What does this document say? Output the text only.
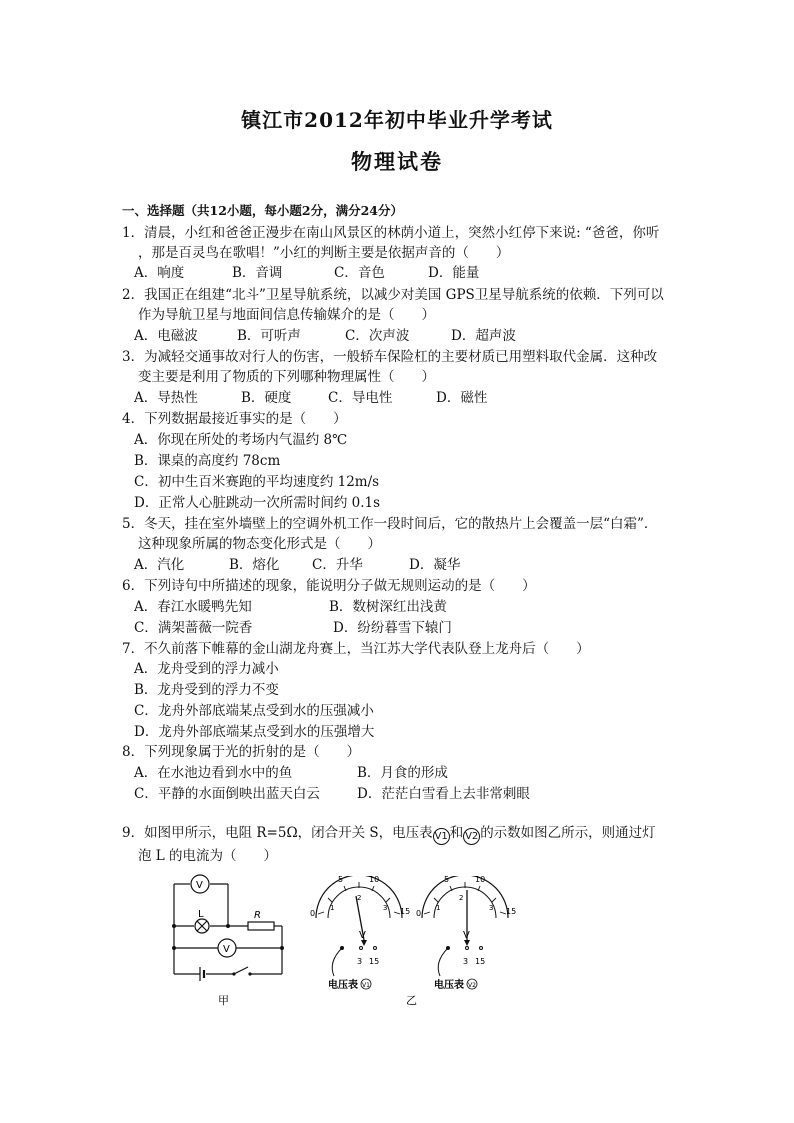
镇江市2012年初中毕业升学考试
物理试卷
一、选择题（共12小题，每小题2分，满分24分）
1．清晨，小红和爸爸正漫步在南山风景区的林荫小道上，突然小红停下来说: “爸爸，你听
，那是百灵鸟在歌唱！”小红的判断主要是依据声音的（　　）
A．响度	B．音调	C．音色	D．能量
2．我国正在组建“北斗”卫星导航系统，以减少对美国 GPS卫星导航系统的依赖．下列可以
作为导航卫星与地面间信息传输媒介的是（　　）
A．电磁波	B．可听声	C．次声波	D．超声波
3．为减轻交通事故对行人的伤害，一般轿车保险杠的主要材质已用塑料取代金属．这种改
变主要是利用了物质的下列哪种物理属性（　　）
A．导热性	B．硬度	C．导电性	D．磁性
4．下列数据最接近事实的是（　　）
A．你现在所处的考场内气温约 8℃
B．课桌的高度约 78cm
C．初中生百米赛跑的平均速度约 12m/s
D．正常人心脏跳动一次所需时间约 0.1s
5．冬天，挂在室外墙壁上的空调外机工作一段时间后，它的散热片上会覆盖一层“白霜”．
这种现象所属的物态变化形式是（　　）
A．汽化	B．熔化 C．升华	D．凝华
6．下列诗句中所描述的现象，能说明分子做无规则运动的是（　　）
A．春江水暖鸭先知	B．数树深红出浅黄
C．满架蔷薇一院香	D．纷纷暮雪下辕门
7．不久前落下帷幕的金山湖龙舟赛上，当江苏大学代表队登上龙舟后（　　）
A．龙舟受到的浮力减小
B．龙舟受到的浮力不变
C．龙舟外部底端某点受到水的压强减小
D．龙舟外部底端某点受到水的压强增大
8．下列现象属于光的折射的是（　　）
A．在水池边看到水中的鱼	B．月食的形成
C．平静的水面倒映出蓝天白云	D．茫茫白雪看上去非常刺眼
9．如图甲所示，电阻 R=5Ω，闭合开关 S，电压表 V1 和 V2 的示数如图乙所示，则通过灯
泡 L 的电流为（　　）
V
V
L	R
甲
0
5	10
15
1
2
3
V
3 15
电压表 V1
0
5	10
15
1
2
3
V
3 15
电压表 V2
乙
